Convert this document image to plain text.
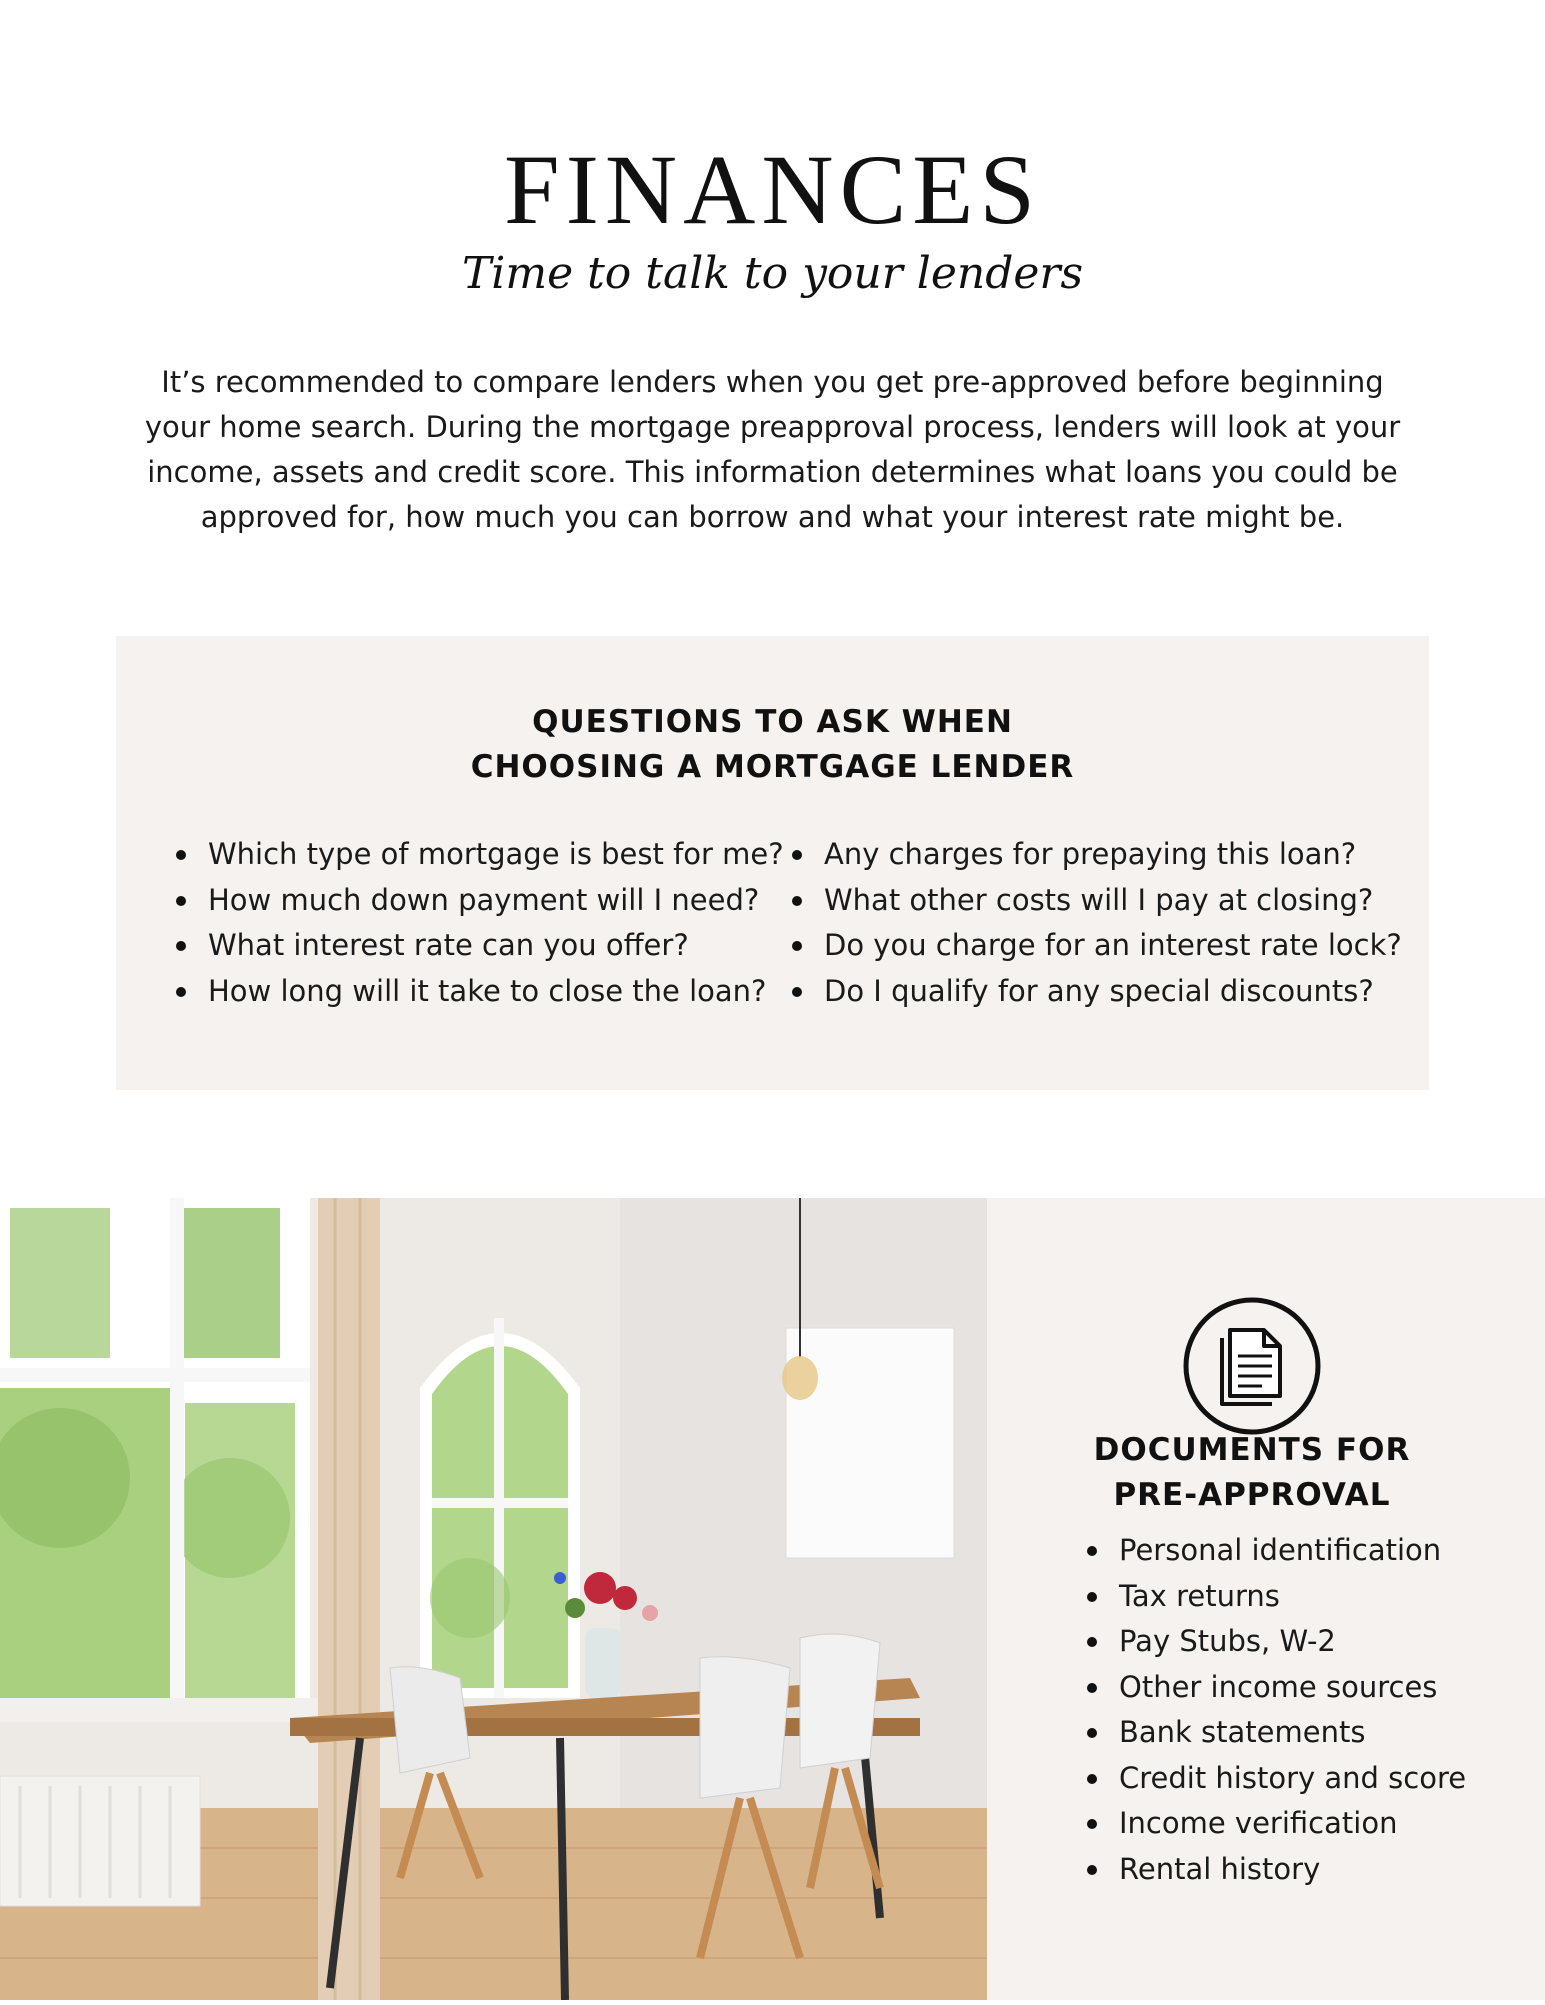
FINANCES
Time to talk to your lenders
It’s recommended to compare lenders when you get pre-approved before beginning your home search. During the mortgage preapproval process, lenders will look at your income, assets and credit score. This information determines what loans you could be approved for, how much you can borrow and what your interest rate might be.
QUESTIONS TO ASK WHEN
CHOOSING A MORTGAGE LENDER
Which type of mortgage is best for me?
How much down payment will I need?
What interest rate can you offer?
How long will it take to close the loan?
Any charges for prepaying this loan?
What other costs will I pay at closing?
Do you charge for an interest rate lock?
Do I qualify for any special discounts?
DOCUMENTS FOR
PRE-APPROVAL
Personal identification
Tax returns
Pay Stubs, W-2
Other income sources
Bank statements
Credit history and score
Income verification
Rental history
